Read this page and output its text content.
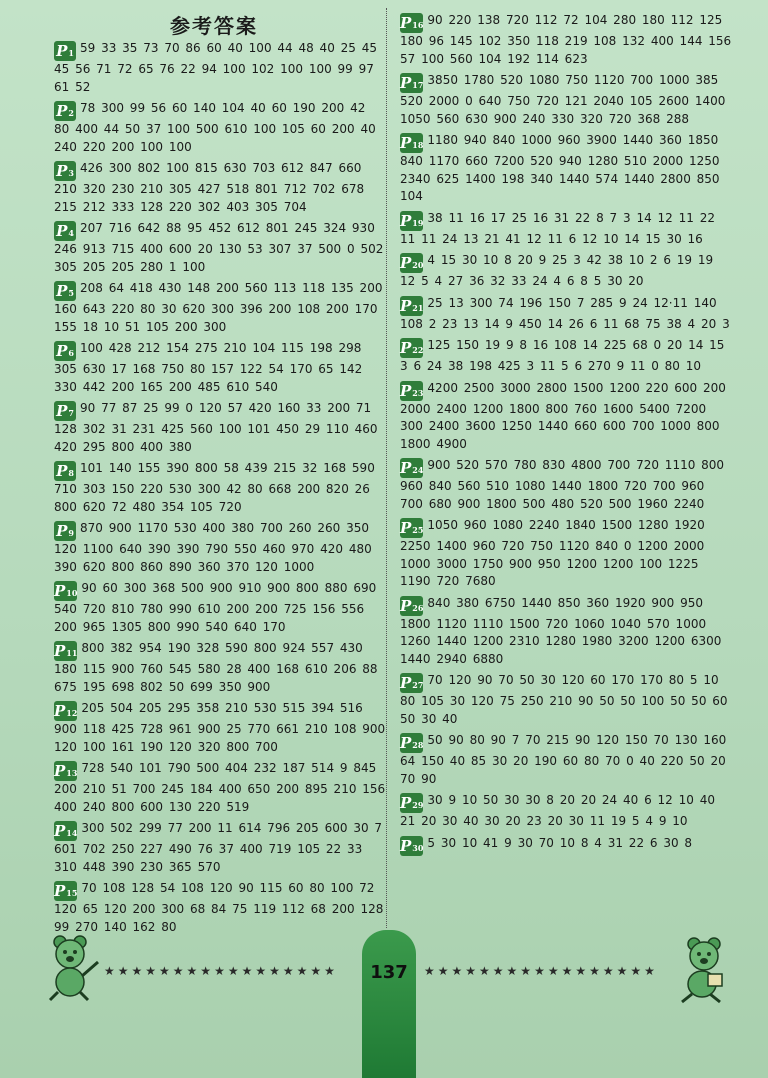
参考答案
P1 59 33 35 73 70 86 60 40 100 44 48 40 25 45 45 56 71 72 65 76 22 94 100 102 100 100 99 97 61 52
P2 78 300 99 56 60 140 104 40 60 190 200 42 80 400 44 50 37 100 500 610 100 105 60 200 40 240 220 200 100 100
P3 426 300 802 100 815 630 703 612 847 660 210 320 230 210 305 427 518 801 712 702 678 215 212 333 128 220 302 403 305 704
P4 207 716 642 88 95 452 612 801 245 324 930 246 913 715 400 600 20 130 53 307 37 500 0 502 305 205 205 280 1 100
P5 208 64 418 430 148 200 560 113 118 135 200 160 643 220 80 30 620 300 396 200 108 200 170 155 18 10 51 105 200 300
P6 100 428 212 154 275 210 104 115 198 298 305 630 17 168 750 80 157 122 54 170 65 142 330 442 200 165 200 485 610 540
P7 90 77 87 25 99 0 120 57 420 160 33 200 71 128 302 31 231 425 560 100 101 450 29 110 460 420 295 800 400 380
P8 101 140 155 390 800 58 439 215 32 168 590 710 303 150 220 530 300 42 80 668 200 820 26 800 620 72 480 354 105 720
P9 870 900 1170 530 400 380 700 260 260 350 120 1100 640 390 390 790 550 460 970 420 480 390 620 800 860 890 360 370 120 1000
P10 90 60 300 368 500 900 910 900 800 880 690 540 720 810 780 990 610 200 200 725 156 556 200 965 1305 800 990 540 640 170
P11 800 382 954 190 328 590 800 924 557 430 180 115 900 760 545 580 28 400 168 610 206 88 675 195 698 802 50 699 350 900
P12 205 504 205 295 358 210 530 515 394 516 900 118 425 728 961 900 25 770 661 210 108 900 120 100 161 190 120 320 800 700
P13 728 540 101 790 500 404 232 187 514 9 845 200 210 51 700 245 184 400 650 200 895 210 156 400 240 800 600 130 220 519
P14 300 502 299 77 200 11 614 796 205 600 30 7 601 702 250 227 490 76 37 400 719 105 22 33 310 448 390 230 365 570
P15 70 108 128 54 108 120 90 115 60 80 100 72 120 65 120 200 300 68 84 75 119 112 68 200 128 99 270 140 162 80
P16 90 220 138 720 112 72 104 280 180 112 125 180 96 145 102 350 118 219 108 132 400 144 156 57 100 560 104 192 114 623
P17 3850 1780 520 1080 750 1120 700 1000 385 520 2000 0 640 750 720 121 2040 105 2600 1400 1050 560 630 900 240 330 320 720 368 288
P18 1180 940 840 1000 960 3900 1440 360 1850 840 1170 660 7200 520 940 1280 510 2000 1250 2340 625 1400 198 340 1440 574 1440 2800 850 104
P19 38 11 16 17 25 16 31 22 8 7 3 14 12 11 22 11 11 24 13 21 41 12 11 6 12 10 14 15 30 16
P20 4 15 30 10 8 20 9 25 3 42 38 10 2 6 19 19 12 5 4 27 36 32 33 24 4 6 8 5 30 20
P21 25 13 300 74 196 150 7 285 9 24 12·11 140 108 2 23 13 14 9 450 14 26 6 11 68 75 38 4 20 3
P22 125 150 19 9 8 16 108 14 225 68 0 20 14 15 3 6 24 38 198 425 3 11 5 6 270 9 11 0 80 10
P23 4200 2500 3000 2800 1500 1200 220 600 200 2000 2400 1200 1800 800 760 1600 5400 7200 300 2400 3600 1250 1440 660 600 700 1000 800 1800 4900
P24 900 520 570 780 830 4800 700 720 1110 800 960 840 560 510 1080 1440 1800 720 700 960 700 680 900 1800 500 480 520 500 1960 2240
P25 1050 960 1080 2240 1840 1500 1280 1920 2250 1400 960 720 750 1120 840 0 1200 2000 1000 3000 1750 900 950 1200 1200 100 1225 1190 720 7680
P26 840 380 6750 1440 850 360 1920 900 950 1800 1120 1110 1500 720 1060 1040 570 1000 1260 1440 1200 2310 1280 1980 3200 1200 6300 1440 2940 6880
P27 70 120 90 70 50 30 120 60 170 170 80 5 10 80 105 30 120 75 250 210 90 50 50 100 50 50 60 50 30 40
P28 50 90 80 90 7 70 215 90 120 150 70 130 160 64 150 40 85 30 20 190 60 80 70 0 40 220 50 20 70 90
P29 30 9 10 50 30 30 8 20 20 24 40 6 12 10 40 21 20 30 40 30 20 23 20 30 11 19 5 4 9 10
P30 5 30 10 41 9 30 70 10 8 4 31 22 6 30 8
★★★★★★★★★★★★★★★★★	137	★★★★★★★★★★★★★★★★★
